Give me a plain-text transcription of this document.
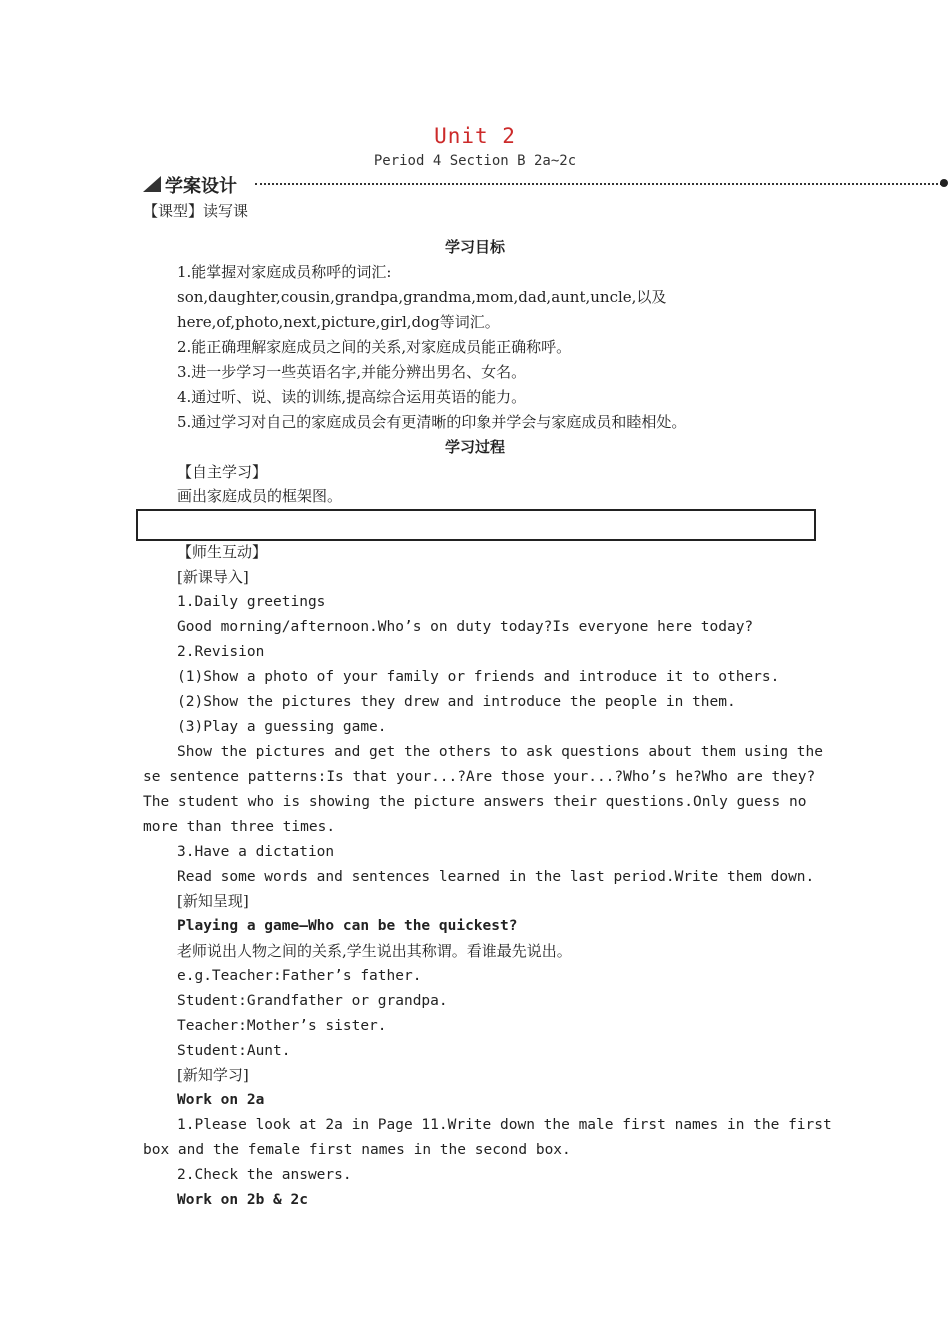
Unit 2
Period 4 Section B 2a~2c
学案设计
【课型】读写课
学习目标
1.能掌握对家庭成员称呼的词汇:
son,daughter,cousin,grandpa,grandma,mom,dad,aunt,uncle,以及
here,of,photo,next,picture,girl,dog等词汇。
2.能正确理解家庭成员之间的关系,对家庭成员能正确称呼。
3.进一步学习一些英语名字,并能分辨出男名、女名。
4.通过听、说、读的训练,提高综合运用英语的能力。
5.通过学习对自己的家庭成员会有更清晰的印象并学会与家庭成员和睦相处。
学习过程
【自主学习】
画出家庭成员的框架图。
【师生互动】
[新课导入]
1.Daily greetings
Good morning/afternoon.Who’s on duty today?Is everyone here today?
2.Revision
(1)Show a photo of your family or friends and introduce it to others.
(2)Show the pictures they drew and introduce the people in them.
(3)Play a guessing game.
Show the pictures and get the others to ask questions about them using the
se sentence patterns:Is that your...?Are those your...?Who’s he?Who are they?
The student who is showing the picture answers their questions.Only guess no
more than three times.
3.Have a dictation
Read some words and sentences learned in the last period.Write them down.
[新知呈现]
Playing a game—Who can be the quickest?
老师说出人物之间的关系,学生说出其称谓。看谁最先说出。
e.g.Teacher:Father’s father.
Student:Grandfather or grandpa.
Teacher:Mother’s sister.
Student:Aunt.
[新知学习]
Work on 2a
1.Please look at 2a in Page 11.Write down the male first names in the first
box and the female first names in the second box.
2.Check the answers.
Work on 2b & 2c
